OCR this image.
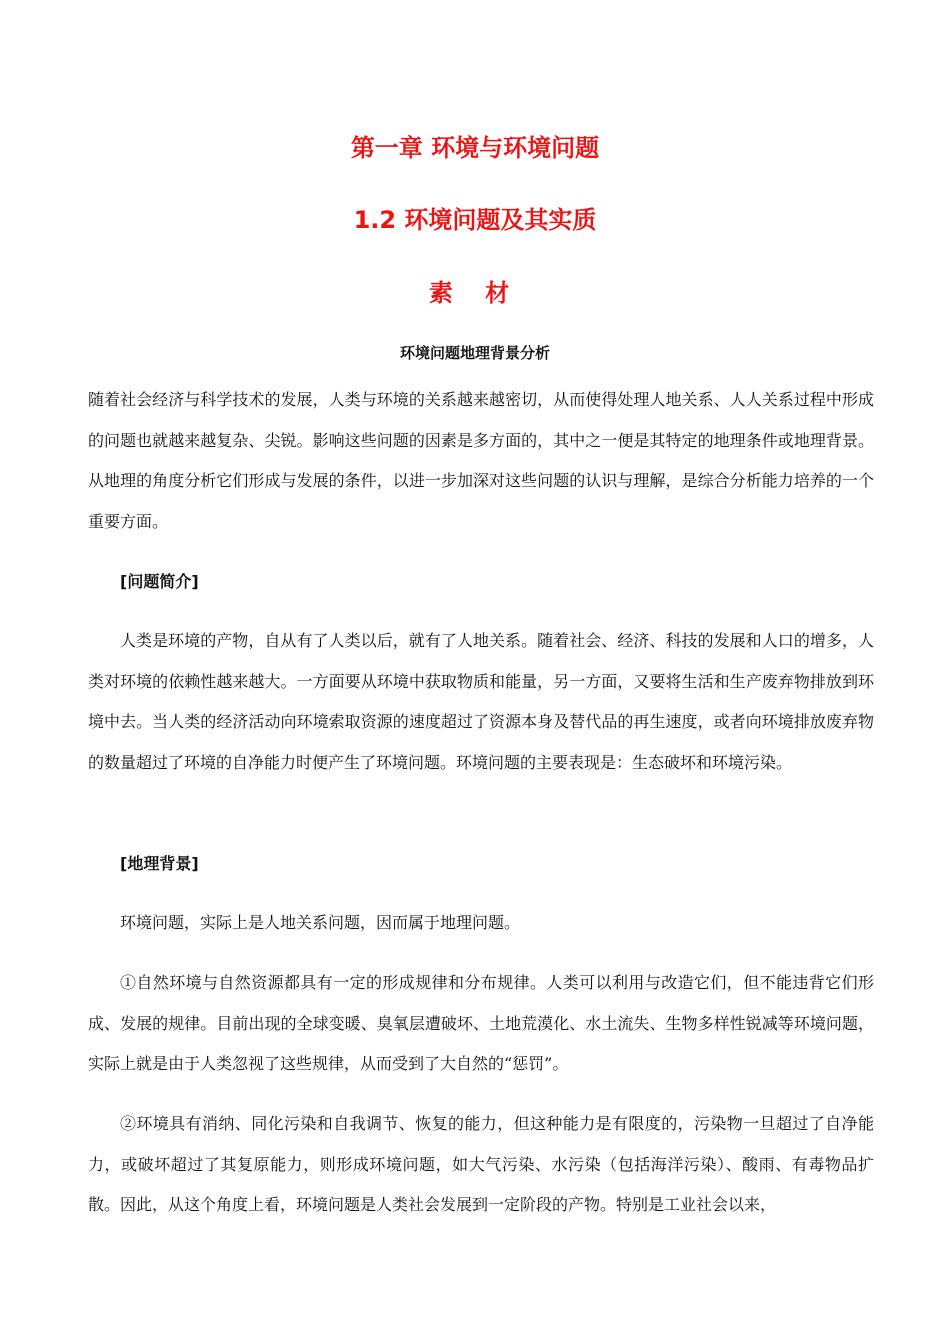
第一章 环境与环境问题
1.2 环境问题及其实质
素 材
环境问题地理背景分析

随着社会经济与科学技术的发展，人类与环境的关系越来越密切，从而使得处理人地关系、人人关系过程中形成的问题也就越来越复杂、尖锐。影响这些问题的因素是多方面的，其中之一便是其特定的地理条件或地理背景。从地理的角度分析它们形成与发展的条件，以进一步加深对这些问题的认识与理解，是综合分析能力培养的一个重要方面。

[问题简介]

人类是环境的产物，自从有了人类以后，就有了人地关系。随着社会、经济、科技的发展和人口的增多，人类对环境的依赖性越来越大。一方面要从环境中获取物质和能量，另一方面，又要将生活和生产废弃物排放到环境中去。当人类的经济活动向环境索取资源的速度超过了资源本身及替代品的再生速度，或者向环境排放废弃物的数量超过了环境的自净能力时便产生了环境问题。环境问题的主要表现是：生态破坏和环境污染。

[地理背景]

环境问题，实际上是人地关系问题，因而属于地理问题。

①自然环境与自然资源都具有一定的形成规律和分布规律。人类可以利用与改造它们，但不能违背它们形成、发展的规律。目前出现的全球变暖、臭氧层遭破坏、土地荒漠化、水土流失、生物多样性锐减等环境问题，实际上就是由于人类忽视了这些规律，从而受到了大自然的“惩罚”。

②环境具有消纳、同化污染和自我调节、恢复的能力，但这种能力是有限度的，污染物一旦超过了自净能力，或破坏超过了其复原能力，则形成环境问题，如大气污染、水污染（包括海洋污染）、酸雨、有毒物品扩散。因此，从这个角度上看，环境问题是人类社会发展到一定阶段的产物。特别是工业社会以来，
